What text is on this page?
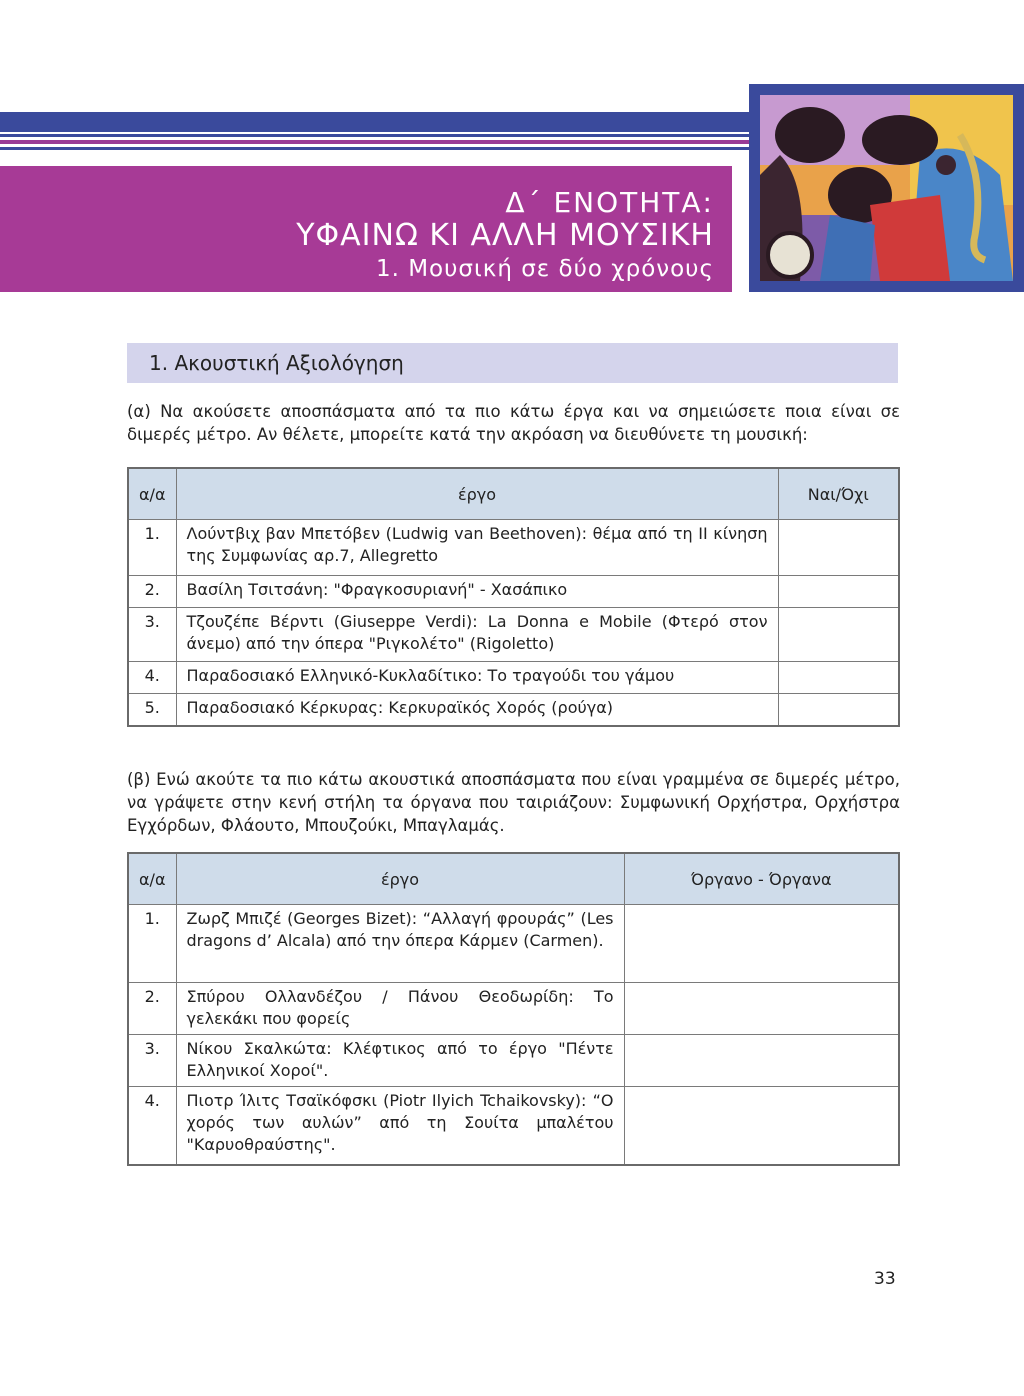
Δ΄ ΕΝΟΤΗΤΑ:
ΥΦΑΙΝΩ ΚΙ ΑΛΛΗ ΜΟΥΣΙΚΗ
1. Μουσική σε δύο χρόνους
1. Ακουστική Αξιολόγηση
(α) Να ακούσετε αποσπάσματα από τα πιο κάτω έργα και να σημειώσετε ποια είναι σε διμερές μέτρο. Αν θέλετε, μπορείτε κατά την ακρόαση να διευθύνετε τη μουσική:
α/α	έργο	Ναι/Όχι
1.	Λούντβιχ βαν Μπετόβεν (Ludwig van Beethoven): θέμα από τη ΙΙ κίνηση της Συμφωνίας αρ.7, Allegretto	
2.	Βασίλη Τσιτσάνη: "Φραγκοσυριανή" - Χασάπικο	
3.	Τζουζέπε Βέρντι (Giuseppe Verdi): La Donna e Mobile (Φτερό στον άνεμο) από την όπερα "Ριγκολέτο" (Rigoletto)	
4.	Παραδοσιακό Ελληνικό-Κυκλαδίτικο: Το τραγούδι του γάμου	
5.	Παραδοσιακό Κέρκυρας: Κερκυραϊκός Χορός (ρούγα)	
(β) Ενώ ακούτε τα πιο κάτω ακουστικά αποσπάσματα που είναι γραμμένα σε διμερές μέτρο, να γράψετε στην κενή στήλη τα όργανα που ταιριάζουν: Συμφωνική Ορχήστρα, Ορχήστρα Εγχόρδων, Φλάουτο, Μπουζούκι, Μπαγλαμάς.
α/α	έργο	Όργανο - Όργανα
1.	Ζωρζ Μπιζέ (Georges Bizet): “Αλλαγή φρουράς” (Les dragons d’ Alcala) από την όπερα Κάρμεν (Carmen).	
2.	Σπύρου Ολλανδέζου / Πάνου Θεοδωρίδη: Το γελεκάκι που φορείς	
3.	Νίκου Σκαλκώτα: Κλέφτικος από το έργο "Πέντε Ελληνικοί Χοροί".	
4.	Πιοτρ Ίλιτς Τσαϊκόφσκι (Piotr Ilyich Tchaikovsky): “Ο χορός των αυλών” από τη Σουίτα μπαλέτου "Καρυοθραύστης".	
33
